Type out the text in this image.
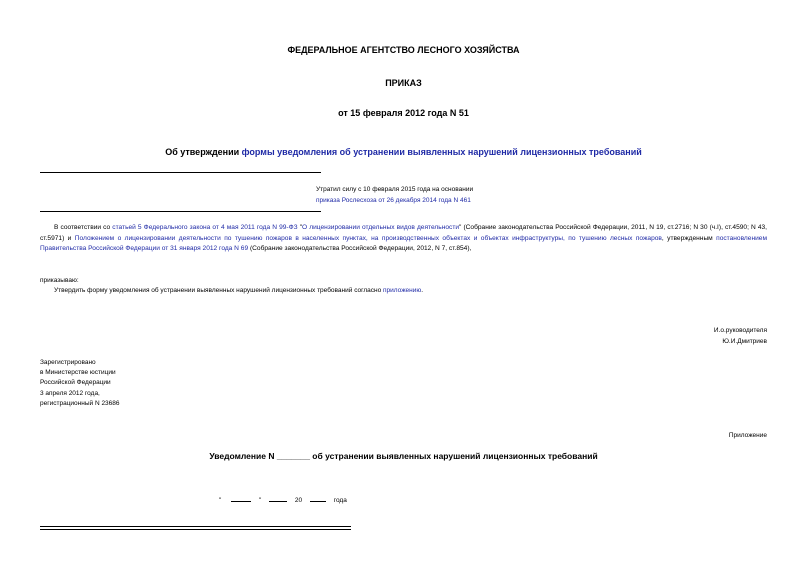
ФЕДЕРАЛЬНОЕ АГЕНТСТВО ЛЕСНОГО ХОЗЯЙСТВА
ПРИКАЗ
от 15 февраля 2012 года N 51
Об утверждении формы уведомления об устранении выявленных нарушений лицензионных требований
Утратил силу с 10 февраля 2015 года на основании
приказа Рослесхоза от 26 декабря 2014 года N 461
В соответствии со статьей 5 Федерального закона от 4 мая 2011 года N 99-ФЗ "О лицензировании отдельных видов деятельности" (Собрание законодательства Российской Федерации, 2011, N 19, ст.2716; N 30 (ч.I), ст.4590; N 43, ст.5971) и Положением о лицензировании деятельности по тушению пожаров в населенных пунктах, на производственных объектах и объектах инфраструктуры, по тушению лесных пожаров, утвержденным постановлением Правительства Российской Федерации от 31 января 2012 года N 69 (Собрание законодательства Российской Федерации, 2012, N 7, ст.854),
приказываю:
Утвердить форму уведомления об устранении выявленных нарушений лицензионных требований согласно приложению.
И.о.руководителя
Ю.И.Дмитриев
Зарегистрировано
в Министерстве юстиции
Российской Федерации
3 апреля 2012 года,
регистрационный N 23686
Приложение
Уведомление N _______ об устранении выявленных нарушений лицензионных требований
"	"	20	года
